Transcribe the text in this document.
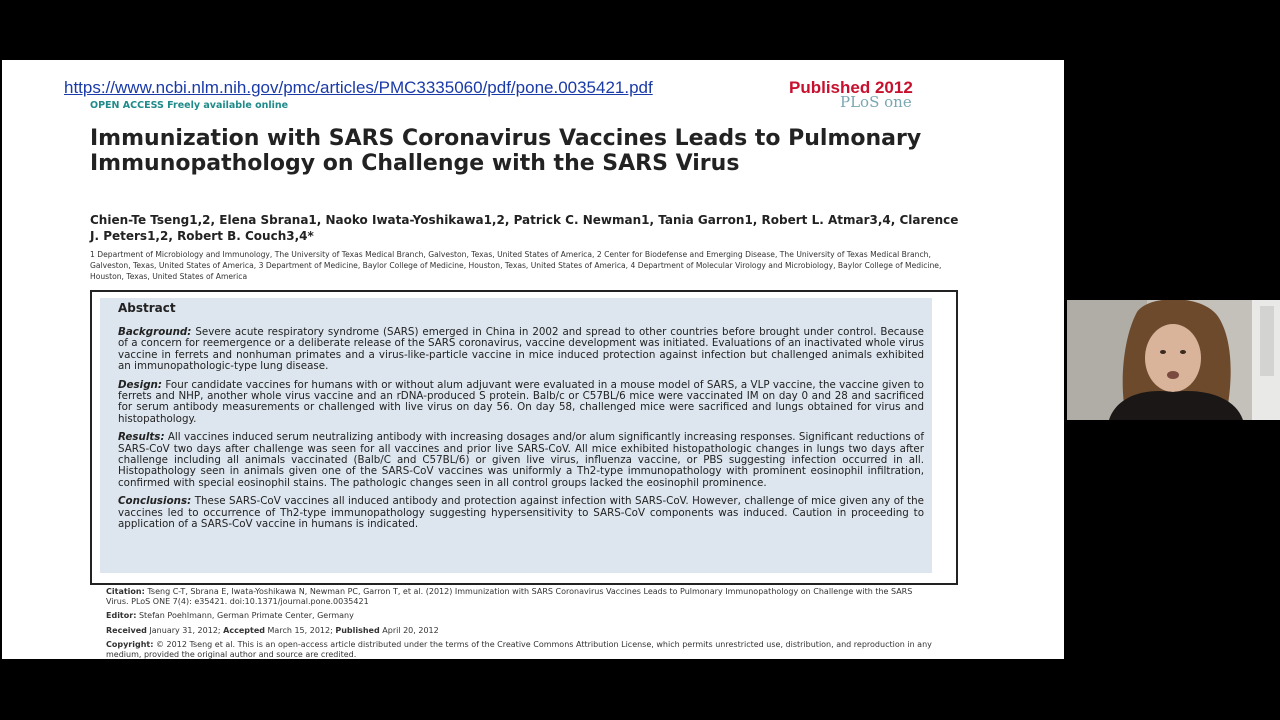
https://www.ncbi.nlm.nih.gov/pmc/articles/PMC3335060/pdf/pone.0035421.pdf	Published 2012
OPEN ACCESS Freely available online	PLoS one
Immunization with SARS Coronavirus Vaccines Leads to Pulmonary Immunopathology on Challenge with the SARS Virus
Chien-Te Tseng1,2, Elena Sbrana1, Naoko Iwata-Yoshikawa1,2, Patrick C. Newman1, Tania Garron1, Robert L. Atmar3,4, Clarence J. Peters1,2, Robert B. Couch3,4*
1 Department of Microbiology and Immunology, The University of Texas Medical Branch, Galveston, Texas, United States of America, 2 Center for Biodefense and Emerging Disease, The University of Texas Medical Branch, Galveston, Texas, United States of America, 3 Department of Medicine, Baylor College of Medicine, Houston, Texas, United States of America, 4 Department of Molecular Virology and Microbiology, Baylor College of Medicine, Houston, Texas, United States of America
Abstract

Background: Severe acute respiratory syndrome (SARS) emerged in China in 2002 and spread to other countries before brought under control. Because of a concern for reemergence or a deliberate release of the SARS coronavirus, vaccine development was initiated. Evaluations of an inactivated whole virus vaccine in ferrets and nonhuman primates and a virus-like-particle vaccine in mice induced protection against infection but challenged animals exhibited an immunopathologic-type lung disease.

Design: Four candidate vaccines for humans with or without alum adjuvant were evaluated in a mouse model of SARS, a VLP vaccine, the vaccine given to ferrets and NHP, another whole virus vaccine and an rDNA-produced S protein. Balb/c or C57BL/6 mice were vaccinated IM on day 0 and 28 and sacrificed for serum antibody measurements or challenged with live virus on day 56. On day 58, challenged mice were sacrificed and lungs obtained for virus and histopathology.

Results: All vaccines induced serum neutralizing antibody with increasing dosages and/or alum significantly increasing responses. Significant reductions of SARS-CoV two days after challenge was seen for all vaccines and prior live SARS-CoV. All mice exhibited histopathologic changes in lungs two days after challenge including all animals vaccinated (Balb/C and C57BL/6) or given live virus, influenza vaccine, or PBS suggesting infection occurred in all. Histopathology seen in animals given one of the SARS-CoV vaccines was uniformly a Th2-type immunopathology with prominent eosinophil infiltration, confirmed with special eosinophil stains. The pathologic changes seen in all control groups lacked the eosinophil prominence.

Conclusions: These SARS-CoV vaccines all induced antibody and protection against infection with SARS-CoV. However, challenge of mice given any of the vaccines led to occurrence of Th2-type immunopathology suggesting hypersensitivity to SARS-CoV components was induced. Caution in proceeding to application of a SARS-CoV vaccine in humans is indicated.

Citation: Tseng C-T, Sbrana E, Iwata-Yoshikawa N, Newman PC, Garron T, et al. (2012) Immunization with SARS Coronavirus Vaccines Leads to Pulmonary Immunopathology on Challenge with the SARS Virus. PLoS ONE 7(4): e35421. doi:10.1371/journal.pone.0035421

Editor: Stefan Poehlmann, German Primate Center, Germany

Received January 31, 2012; Accepted March 15, 2012; Published April 20, 2012

Copyright: © 2012 Tseng et al. This is an open-access article distributed under the terms of the Creative Commons Attribution License, which permits unrestricted use, distribution, and reproduction in any medium, provided the original author and source are credited.
